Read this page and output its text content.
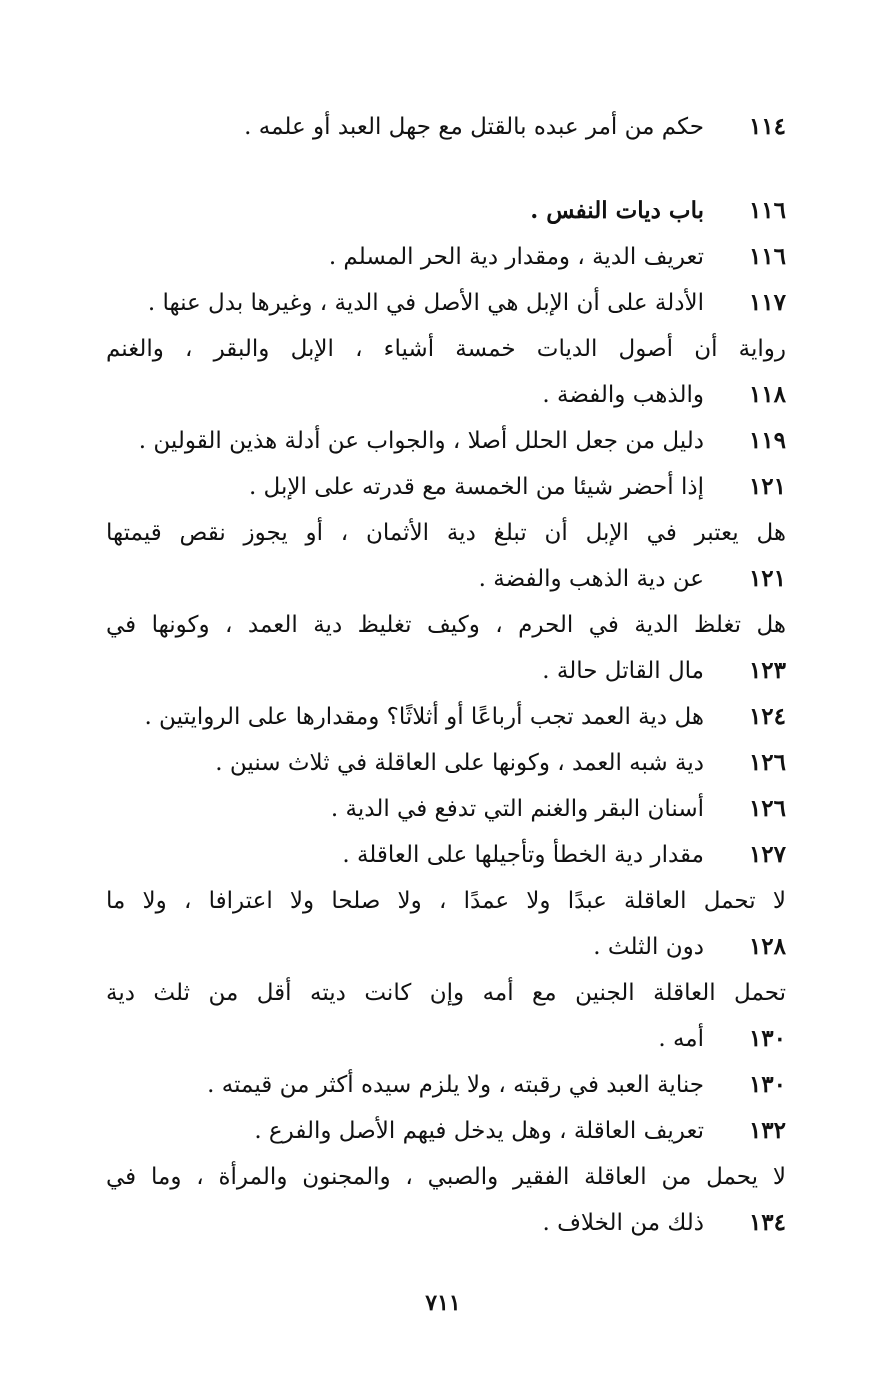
١١٤
حكم من أمر عبده بالقتل مع جهل العبد أو علمه .
١١٦
باب ديات النفس .
١١٦
تعريف الدية ، ومقدار دية الحر المسلم .
١١٧
الأدلة على أن الإبل هي الأصل في الدية ، وغيرها بدل عنها .
رواية أن أصول الديات خمسة أشياء ، الإبل والبقر ، والغنم
١١٨
والذهب والفضة .
١١٩
دليل من جعل الحلل أصلا ، والجواب عن أدلة هذين القولين .
١٢١
إذا أحضر شيئا من الخمسة مع قدرته على الإبل .
هل يعتبر في الإبل أن تبلغ دية الأثمان ، أو يجوز نقص قيمتها
١٢١
عن دية الذهب والفضة .
هل تغلظ الدية في الحرم ، وكيف تغليظ دية العمد ، وكونها في
١٢٣
مال القاتل حالة .
١٢٤
هل دية العمد تجب أرباعًا أو أثلاثًا؟ ومقدارها على الروايتين .
١٢٦
دية شبه العمد ، وكونها على العاقلة في ثلاث سنين .
١٢٦
أسنان البقر والغنم التي تدفع في الدية .
١٢٧
مقدار دية الخطأ وتأجيلها على العاقلة .
لا تحمل العاقلة عبدًا ولا عمدًا ، ولا صلحا ولا اعترافا ، ولا ما
١٢٨
دون الثلث .
تحمل العاقلة الجنين مع أمه وإن كانت ديته أقل من ثلث دية
١٣٠
أمه .
١٣٠
جناية العبد في رقبته ، ولا يلزم سيده أكثر من قيمته .
١٣٢
تعريف العاقلة ، وهل يدخل فيهم الأصل والفرع .
لا يحمل من العاقلة الفقير والصبي ، والمجنون والمرأة ، وما في
١٣٤
ذلك من الخلاف .
٧١١
